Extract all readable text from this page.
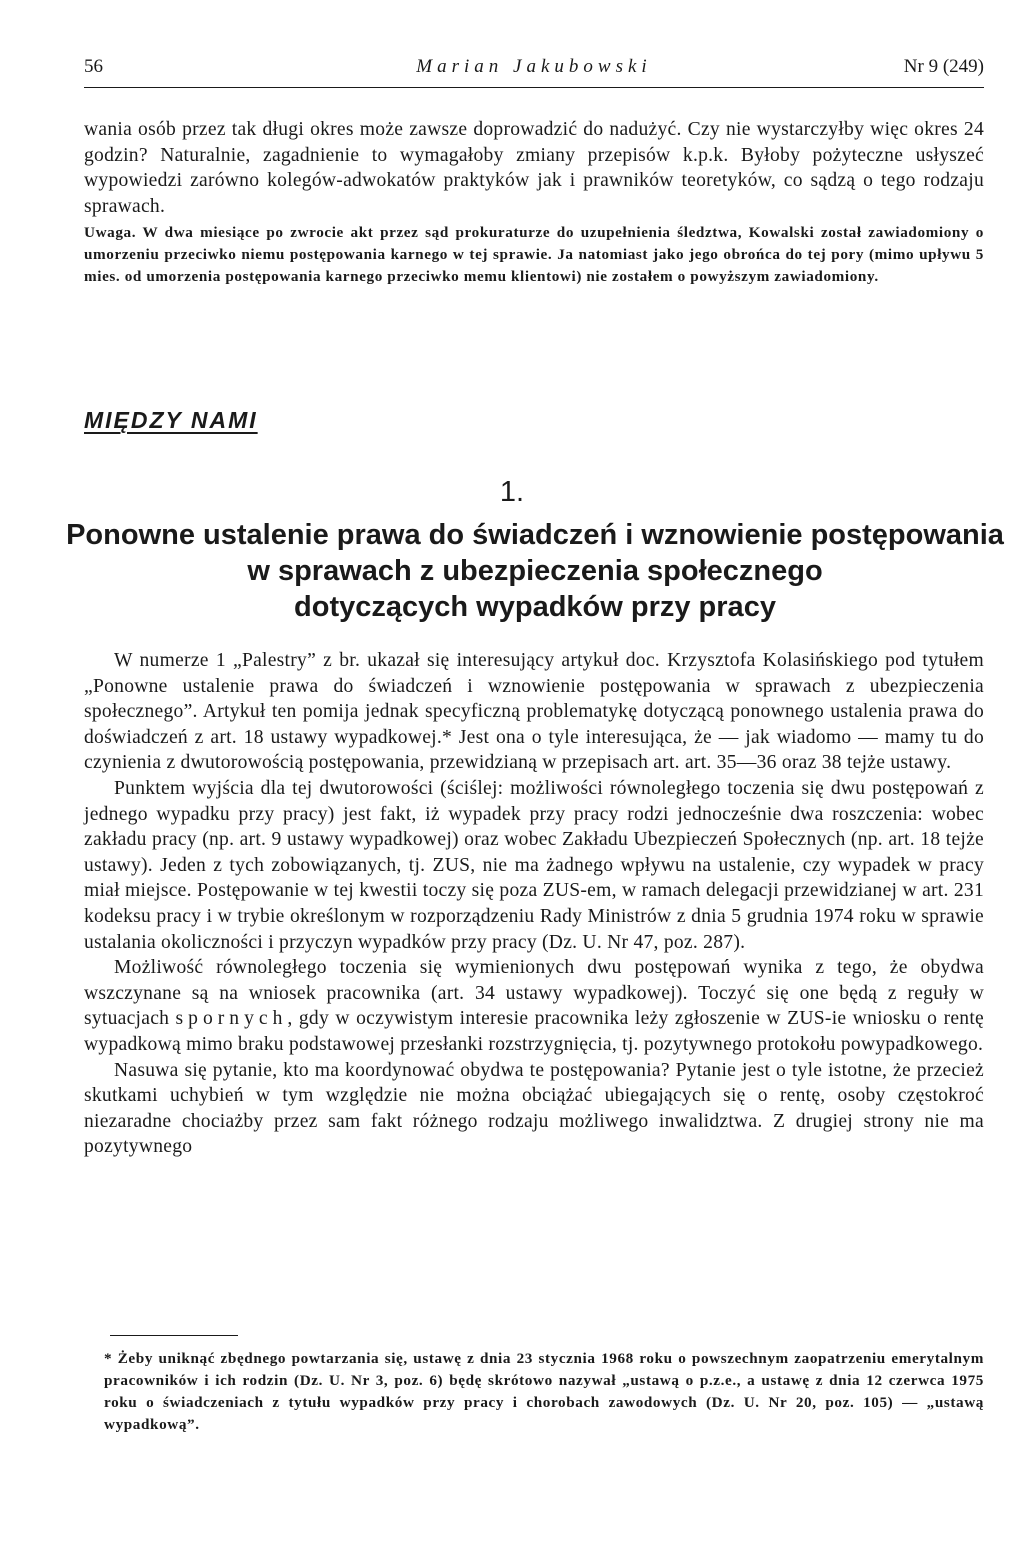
56	Marian Jakubowski	Nr 9 (249)

wania osób przez tak długi okres może zawsze doprowadzić do nadużyć. Czy nie wystarczyłby więc okres 24 godzin? Naturalnie, zagadnienie to wymagałoby zmiany przepisów k.p.k. Byłoby pożyteczne usłyszeć wypowiedzi zarówno kolegów-adwokatów praktyków jak i prawników teoretyków, co sądzą o tego rodzaju sprawach.

Uwaga. W dwa miesiące po zwrocie akt przez sąd prokuraturze do uzupełnienia śledztwa, Kowalski został zawiadomiony o umorzeniu przeciwko niemu postępowania karnego w tej sprawie. Ja natomiast jako jego obrońca do tej pory (mimo upływu 5 mies. od umorzenia postępowania karnego przeciwko memu klientowi) nie zostałem o powyższym zawiadomiony.

MIĘDZY NAMI
1.
Ponowne ustalenie prawa do świadczeń i wznowienie postępowania
w sprawach z ubezpieczenia społecznego
dotyczących wypadków przy pracy

W numerze 1 „Palestry” z br. ukazał się interesujący artykuł doc. Krzysztofa Kolasińskiego pod tytułem „Ponowne ustalenie prawa do świadczeń i wznowienie postępowania w sprawach z ubezpieczenia społecznego”. Artykuł ten pomija jednak specyficzną problematykę dotyczącą ponownego ustalenia prawa do doświadczeń z art. 18 ustawy wypadkowej.* Jest ona o tyle interesująca, że — jak wiadomo — mamy tu do czynienia z dwutorowością postępowania, przewidzianą w przepisach art. art. 35—36 oraz 38 tejże ustawy.

Punktem wyjścia dla tej dwutorowości (ściślej: możliwości równoległego toczenia się dwu postępowań z jednego wypadku przy pracy) jest fakt, iż wypadek przy pracy rodzi jednocześnie dwa roszczenia: wobec zakładu pracy (np. art. 9 ustawy wypadkowej) oraz wobec Zakładu Ubezpieczeń Społecznych (np. art. 18 tejże ustawy). Jeden z tych zobowiązanych, tj. ZUS, nie ma żadnego wpływu na ustalenie, czy wypadek w pracy miał miejsce. Postępowanie w tej kwestii toczy się poza ZUS-em, w ramach delegacji przewidzianej w art. 231 kodeksu pracy i w trybie określonym w rozporządzeniu Rady Ministrów z dnia 5 grudnia 1974 roku w sprawie ustalania okoliczności i przyczyn wypadków przy pracy (Dz. U. Nr 47, poz. 287).

Możliwość równoległego toczenia się wymienionych dwu postępowań wynika z tego, że obydwa wszczynane są na wniosek pracownika (art. 34 ustawy wypadkowej). Toczyć się one będą z reguły w sytuacjach spornych, gdy w oczywistym interesie pracownika leży zgłoszenie w ZUS-ie wniosku o rentę wypadkową mimo braku podstawowej przesłanki rozstrzygnięcia, tj. pozytywnego protokołu powypadkowego.

Nasuwa się pytanie, kto ma koordynować obydwa te postępowania? Pytanie jest o tyle istotne, że przecież skutkami uchybień w tym względzie nie można obciążać ubiegających się o rentę, osoby częstokroć niezaradne chociażby przez sam fakt różnego rodzaju możliwego inwalidztwa. Z drugiej strony nie ma pozytywnego

* Żeby uniknąć zbędnego powtarzania się, ustawę z dnia 23 stycznia 1968 roku o powszechnym zaopatrzeniu emerytalnym pracowników i ich rodzin (Dz. U. Nr 3, poz. 6) będę skrótowo nazywał „ustawą o p.z.e., a ustawę z dnia 12 czerwca 1975 roku o świadczeniach z tytułu wypadków przy pracy i chorobach zawodowych (Dz. U. Nr 20, poz. 105) — „ustawą wypadkową”.
